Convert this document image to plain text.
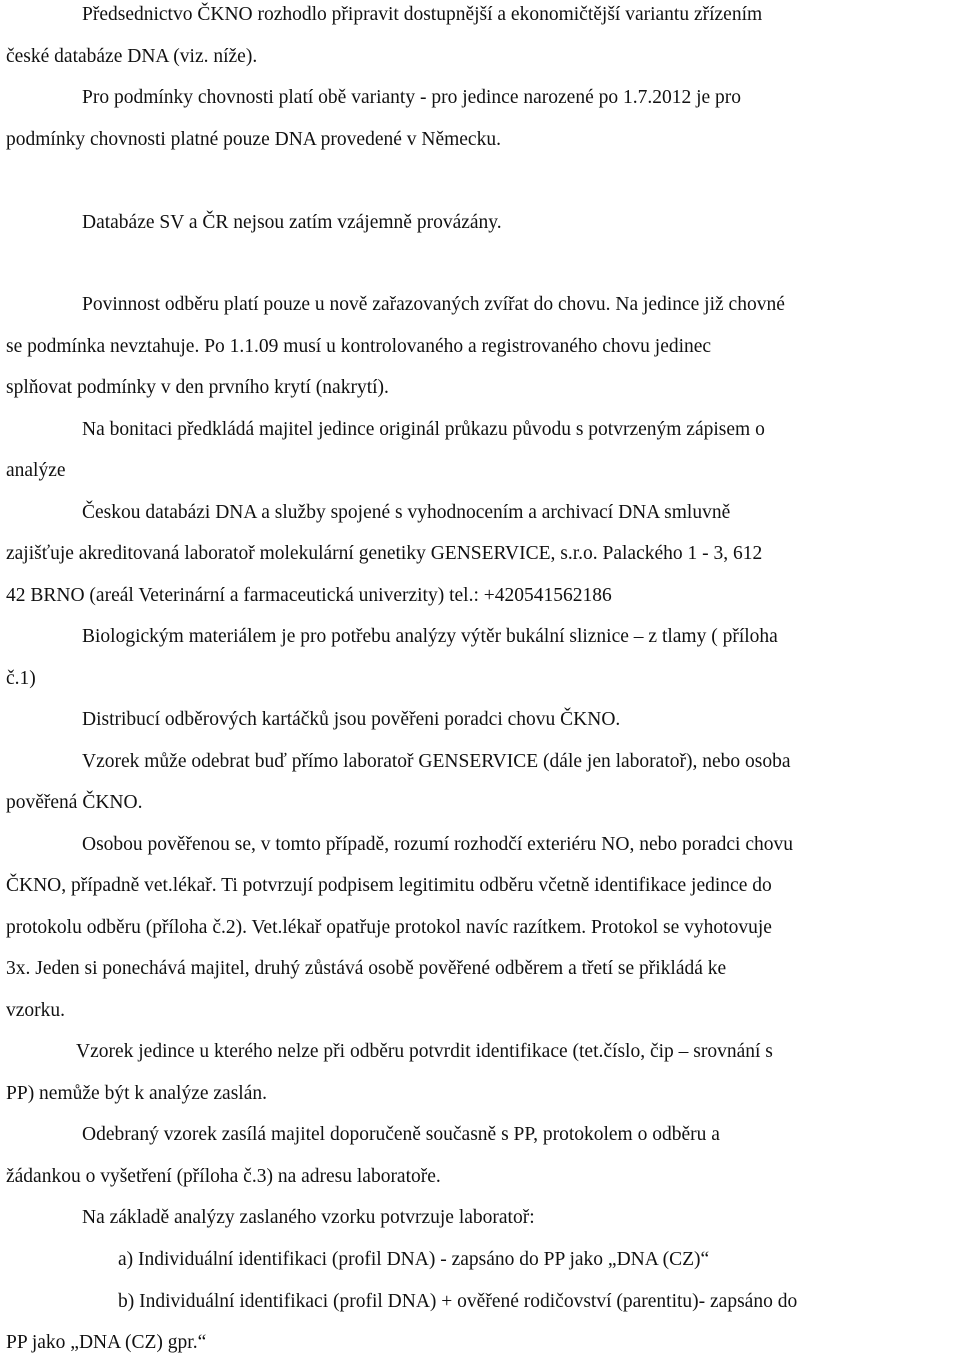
Předsednictvo ČKNO rozhodlo připravit dostupnější a ekonomičtější variantu zřízením
české databáze DNA (viz. níže).
Pro podmínky chovnosti platí obě varianty - pro jedince narozené po 1.7.2012 je pro
podmínky chovnosti platné pouze DNA provedené v Německu.
Databáze SV a ČR nejsou zatím vzájemně provázány.
Povinnost odběru platí pouze u nově zařazovaných zvířat do chovu. Na jedince již chovné
se podmínka nevztahuje. Po 1.1.09 musí u kontrolovaného a registrovaného chovu jedinec
splňovat podmínky v den prvního krytí (nakrytí).
Na bonitaci předkládá majitel jedince originál průkazu původu s potvrzeným zápisem o
analýze
Českou databázi DNA a služby spojené s vyhodnocením a archivací DNA smluvně
zajišťuje akreditovaná laboratoř molekulární genetiky GENSERVICE, s.r.o. Palackého 1 - 3, 612
42 BRNO (areál Veterinární a farmaceutická univerzity) tel.: +420541562186
Biologickým materiálem je pro potřebu analýzy výtěr bukální sliznice – z tlamy ( příloha
č.1)
Distribucí odběrových kartáčků jsou pověřeni poradci chovu ČKNO.
Vzorek může odebrat buď přímo laboratoř GENSERVICE (dále jen laboratoř), nebo osoba
pověřená ČKNO.
Osobou pověřenou se, v tomto případě, rozumí rozhodčí exteriéru NO, nebo poradci chovu
ČKNO, případně vet.lékař. Ti potvrzují podpisem legitimitu odběru včetně identifikace jedince do
protokolu odběru (příloha č.2). Vet.lékař opatřuje protokol navíc razítkem. Protokol se vyhotovuje
3x. Jeden si ponechává majitel, druhý zůstává osobě pověřené odběrem a třetí se přikládá ke
vzorku.
Vzorek jedince u kterého nelze při odběru potvrdit identifikace (tet.číslo, čip – srovnání s
PP) nemůže být k analýze zaslán.
Odebraný vzorek zasílá majitel doporučeně současně s PP, protokolem o odběru a
žádankou o vyšetření (příloha č.3) na adresu laboratoře.
Na základě analýzy zaslaného vzorku potvrzuje laboratoř:
a) Individuální identifikaci (profil DNA) - zapsáno do PP jako „DNA (CZ)“
b) Individuální identifikaci (profil DNA) + ověřené rodičovství (parentitu)- zapsáno do
PP jako „DNA (CZ) gpr.“
